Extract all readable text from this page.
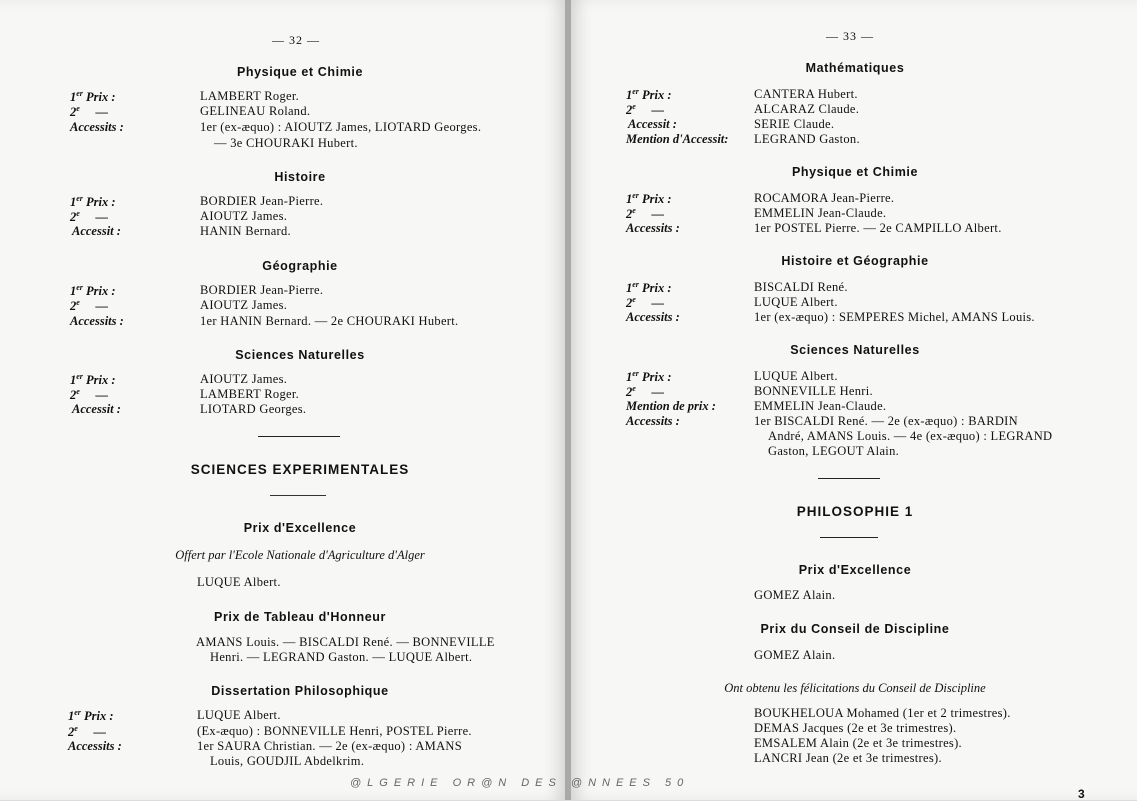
— 32 —
Physique et Chimie
1er Prix :	LAMBERT Roger.
2e     —	GELINEAU Roland.
Accessits :	1er (ex-æquo) : AIOUTZ James, LIOTARD Georges.
— 3e CHOURAKI Hubert.
Histoire
1er Prix :	BORDIER Jean-Pierre.
2e     —	AIOUTZ James.
Accessit :	HANIN Bernard.
Géographie
1er Prix :	BORDIER Jean-Pierre.
2e     —	AIOUTZ James.
Accessits :	1er HANIN Bernard. — 2e CHOURAKI Hubert.
Sciences Naturelles
1er Prix :	AIOUTZ James.
2e     —	LAMBERT Roger.
Accessit :	LIOTARD Georges.
SCIENCES EXPERIMENTALES
Prix d'Excellence
Offert par l'Ecole Nationale d'Agriculture d'Alger
LUQUE Albert.
Prix de Tableau d'Honneur
AMANS Louis. — BISCALDI René. — BONNEVILLE
Henri. — LEGRAND Gaston. — LUQUE Albert.
Dissertation Philosophique
1er Prix :	LUQUE Albert.
2e     —	(Ex-æquo) : BONNEVILLE Henri, POSTEL Pierre.
Accessits :	1er SAURA Christian. — 2e (ex-æquo) : AMANS
Louis, GOUDJIL Abdelkrim.
— 33 —
Mathématiques
1er Prix :	CANTERA Hubert.
2e     —	ALCARAZ Claude.
Accessit :	SERIE Claude.
Mention d'Accessit: LEGRAND Gaston.
Physique et Chimie
1er Prix :	ROCAMORA Jean-Pierre.
2e     —	EMMELIN Jean-Claude.
Accessits :	1er POSTEL Pierre. — 2e CAMPILLO Albert.
Histoire et Géographie
1er Prix :	BISCALDI René.
2e     —	LUQUE Albert.
Accessits :	1er (ex-æquo) : SEMPERES Michel, AMANS Louis.
Sciences Naturelles
1er Prix :	LUQUE Albert.
2e     —	BONNEVILLE Henri.
Mention de prix :	EMMELIN Jean-Claude.
Accessits :	1er BISCALDI René. — 2e (ex-æquo) : BARDIN
André, AMANS Louis. — 4e (ex-æquo) : LEGRAND
Gaston, LEGOUT Alain.
PHILOSOPHIE 1
Prix d'Excellence
GOMEZ Alain.
Prix du Conseil de Discipline
GOMEZ Alain.
Ont obtenu les félicitations du Conseil de Discipline
BOUKHELOUA Mohamed (1er et 2 trimestres).
DEMAS Jacques (2e et 3e trimestres).
EMSALEM Alain (2e et 3e trimestres).
LANCRI Jean (2e et 3e trimestres).
@LGERIE OR@N DES @NNEES 50
3
